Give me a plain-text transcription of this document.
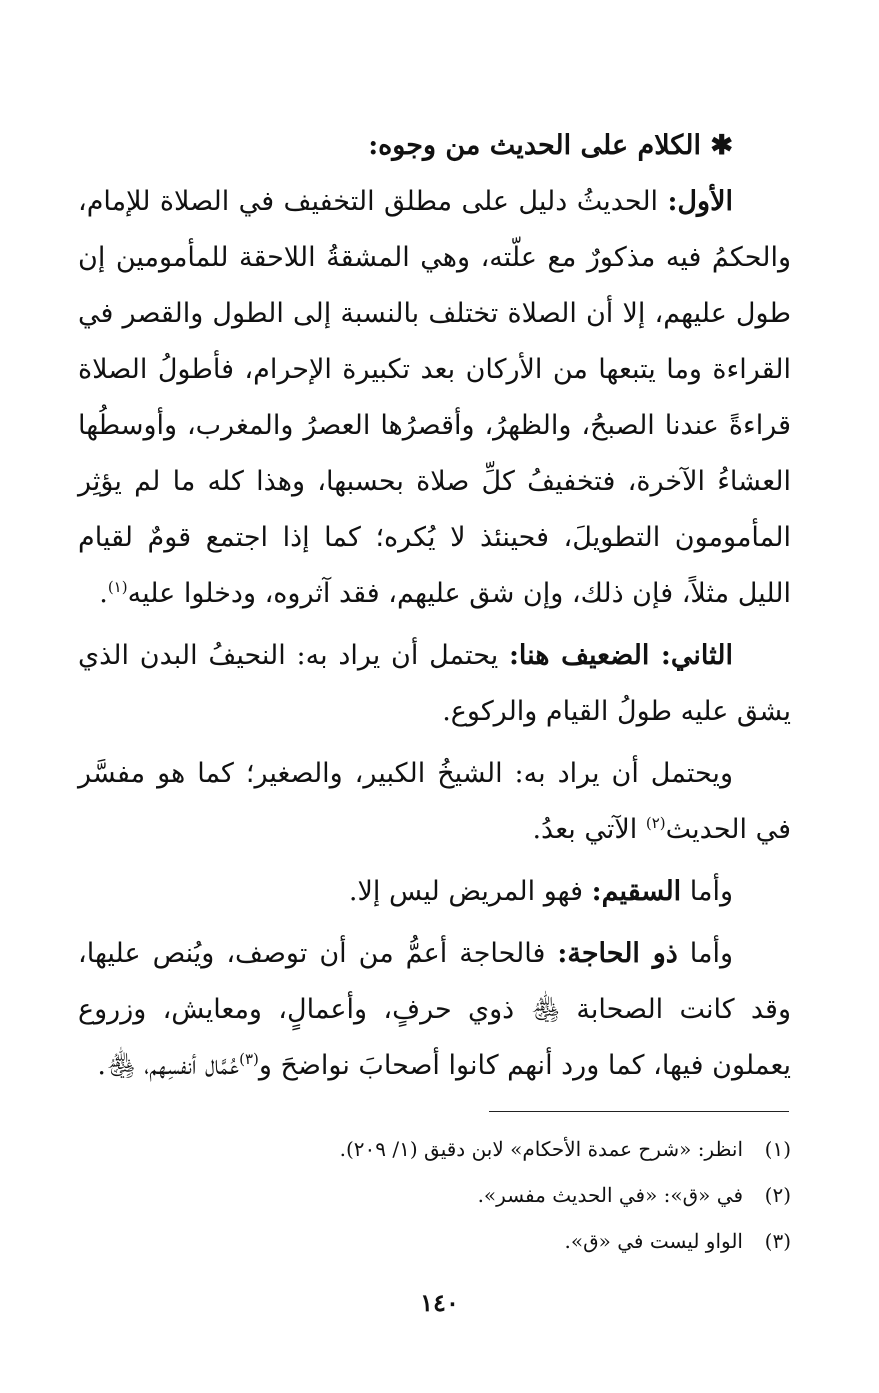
✱ الكلام على الحديث من وجوه:

الأول: الحديثُ دليل على مطلق التخفيف في الصلاة للإمام، والحكمُ فيه مذكورٌ مع علّته، وهي المشقةُ اللاحقة للمأمومين إن طول عليهم، إلا أن الصلاة تختلف بالنسبة إلى الطول والقصر في القراءة وما يتبعها من الأركان بعد تكبيرة الإحرام، فأطولُ الصلاة قراءةً عندنا الصبحُ، والظهرُ، وأقصرُها العصرُ والمغرب، وأوسطُها العشاءُ الآخرة، فتخفيفُ كلِّ صلاة بحسبها، وهذا كله ما لم يؤثِر المأمومون التطويلَ، فحينئذ لا يُكره؛ كما إذا اجتمع قومٌ لقيام الليل مثلاً، فإن ذلك، وإن شق عليهم، فقد آثروه، ودخلوا عليه$^{(١)}$.

الثاني: الضعيف هنا: يحتمل أن يراد به: النحيفُ البدن الذي يشق عليه طولُ القيام والركوع.

ويحتمل أن يراد به: الشيخُ الكبير، والصغير؛ كما هو مفسَّر في الحديث$^{(٢)}$ الآتي بعدُ.

وأما السقيم: فهو المريض ليس إلا.

وأما ذو الحاجة: فالحاجة أعمُّ من أن توصف، ويُنص عليها، وقد كانت الصحابة ﵃ ذوي حرفٍ، وأعمالٍ، ومعايش، وزروع يعملون فيها، كما ورد أنهم كانوا أصحابَ نواضحَ و$^{(٣)}$عُمَّال أنفسِهم، ﵃.

(١)
انظر: «شرح عمدة الأحكام» لابن دقيق (١/ ٢٠٩).
(٢)
في «ق»: «في الحديث مفسر».
(٣)
الواو ليست في «ق».
١٤٠
